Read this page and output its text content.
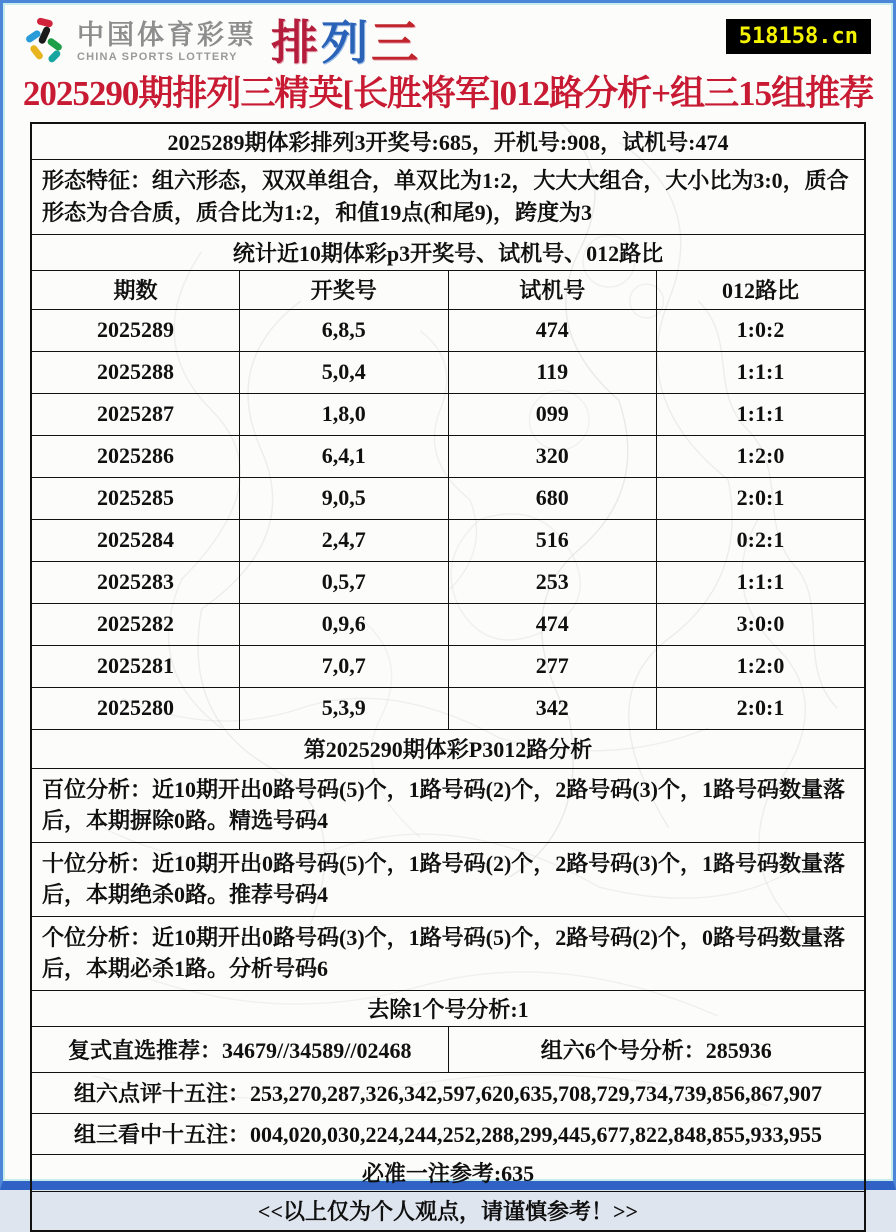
中国体育彩票
CHINA SPORTS LOTTERY 排列三	518158.cn
2025290期排列三精英[长胜将军]012路分析+组三15组推荐
2025289期体彩排列3开奖号:685，开机号:908，试机号:474			
形态特征：组六形态，双双单组合，单双比为1:2，大大大组合，大小比为3:0，质合形态为合合质，质合比为1:2，和值19点(和尾9)，跨度为3			
统计近10期体彩p3开奖号、试机号、012路比			
期数	开奖号	试机号	012路比
2025289	6,8,5	474	1:0:2
2025288	5,0,4	119	1:1:1
2025287	1,8,0	099	1:1:1
2025286	6,4,1	320	1:2:0
2025285	9,0,5	680	2:0:1
2025284	2,4,7	516	0:2:1
2025283	0,5,7	253	1:1:1
2025282	0,9,6	474	3:0:0
2025281	7,0,7	277	1:2:0
2025280	5,3,9	342	2:0:1
第2025290期体彩P3012路分析			
百位分析：近10期开出0路号码(5)个，1路号码(2)个，2路号码(3)个，1路号码数量落后，本期摒除0路。精选号码4			
十位分析：近10期开出0路号码(5)个，1路号码(2)个，2路号码(3)个，1路号码数量落后，本期绝杀0路。推荐号码4			
个位分析：近10期开出0路号码(3)个，1路号码(5)个，2路号码(2)个，0路号码数量落后，本期必杀1路。分析号码6			
去除1个号分析:1			
复式直选推荐：34679//34589//02468		组六6个号分析：285936	
组六点评十五注：253,270,287,326,342,597,620,635,708,729,734,739,856,867,907			
组三看中十五注：004,020,030,224,244,252,288,299,445,677,822,848,855,933,955			
必准一注参考:635			
<<以上仅为个人观点，请谨慎参考！>>			
